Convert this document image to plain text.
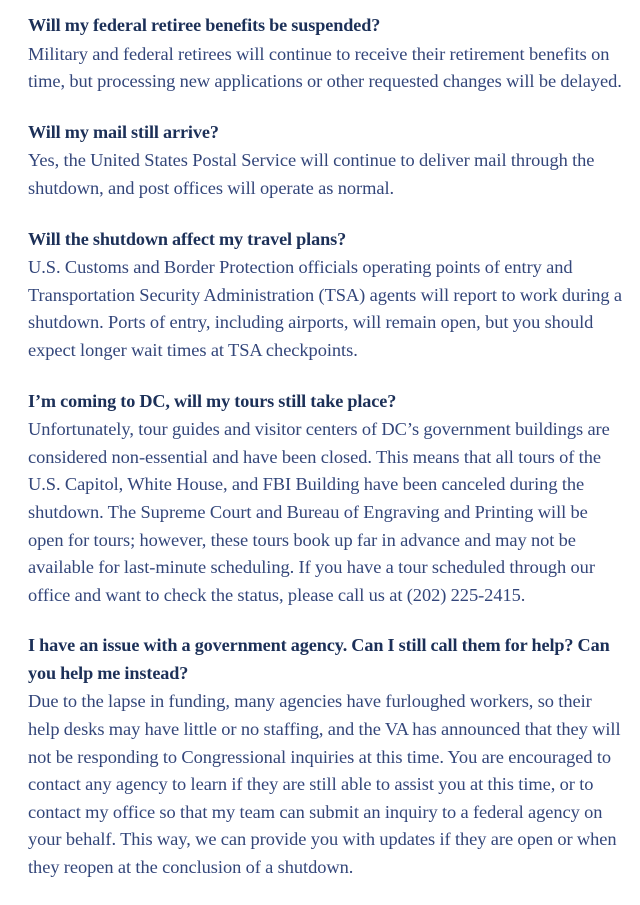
Will my federal retiree benefits be suspended?

Military and federal retirees will continue to receive their retirement benefits on time, but processing new applications or other requested changes will be delayed.

Will my mail still arrive?

Yes, the United States Postal Service will continue to deliver mail through the shutdown, and post offices will operate as normal.

Will the shutdown affect my travel plans?

U.S. Customs and Border Protection officials operating points of entry and Transportation Security Administration (TSA) agents will report to work during a shutdown. Ports of entry, including airports, will remain open, but you should expect longer wait times at TSA checkpoints.

I’m coming to DC, will my tours still take place?

Unfortunately, tour guides and visitor centers of DC’s government buildings are considered non-essential and have been closed. This means that all tours of the U.S. Capitol, White House, and FBI Building have been canceled during the shutdown. The Supreme Court and Bureau of Engraving and Printing will be open for tours; however, these tours book up far in advance and may not be available for last-minute scheduling. If you have a tour scheduled through our office and want to check the status, please call us at (202) 225-2415.

I have an issue with a government agency. Can I still call them for help? Can you help me instead?

Due to the lapse in funding, many agencies have furloughed workers, so their help desks may have little or no staffing, and the VA has announced that they will not be responding to Congressional inquiries at this time. You are encouraged to contact any agency to learn if they are still able to assist you at this time, or to contact my office so that my team can submit an inquiry to a federal agency on your behalf. This way, we can provide you with updates if they are open or when they reopen at the conclusion of a shutdown.
